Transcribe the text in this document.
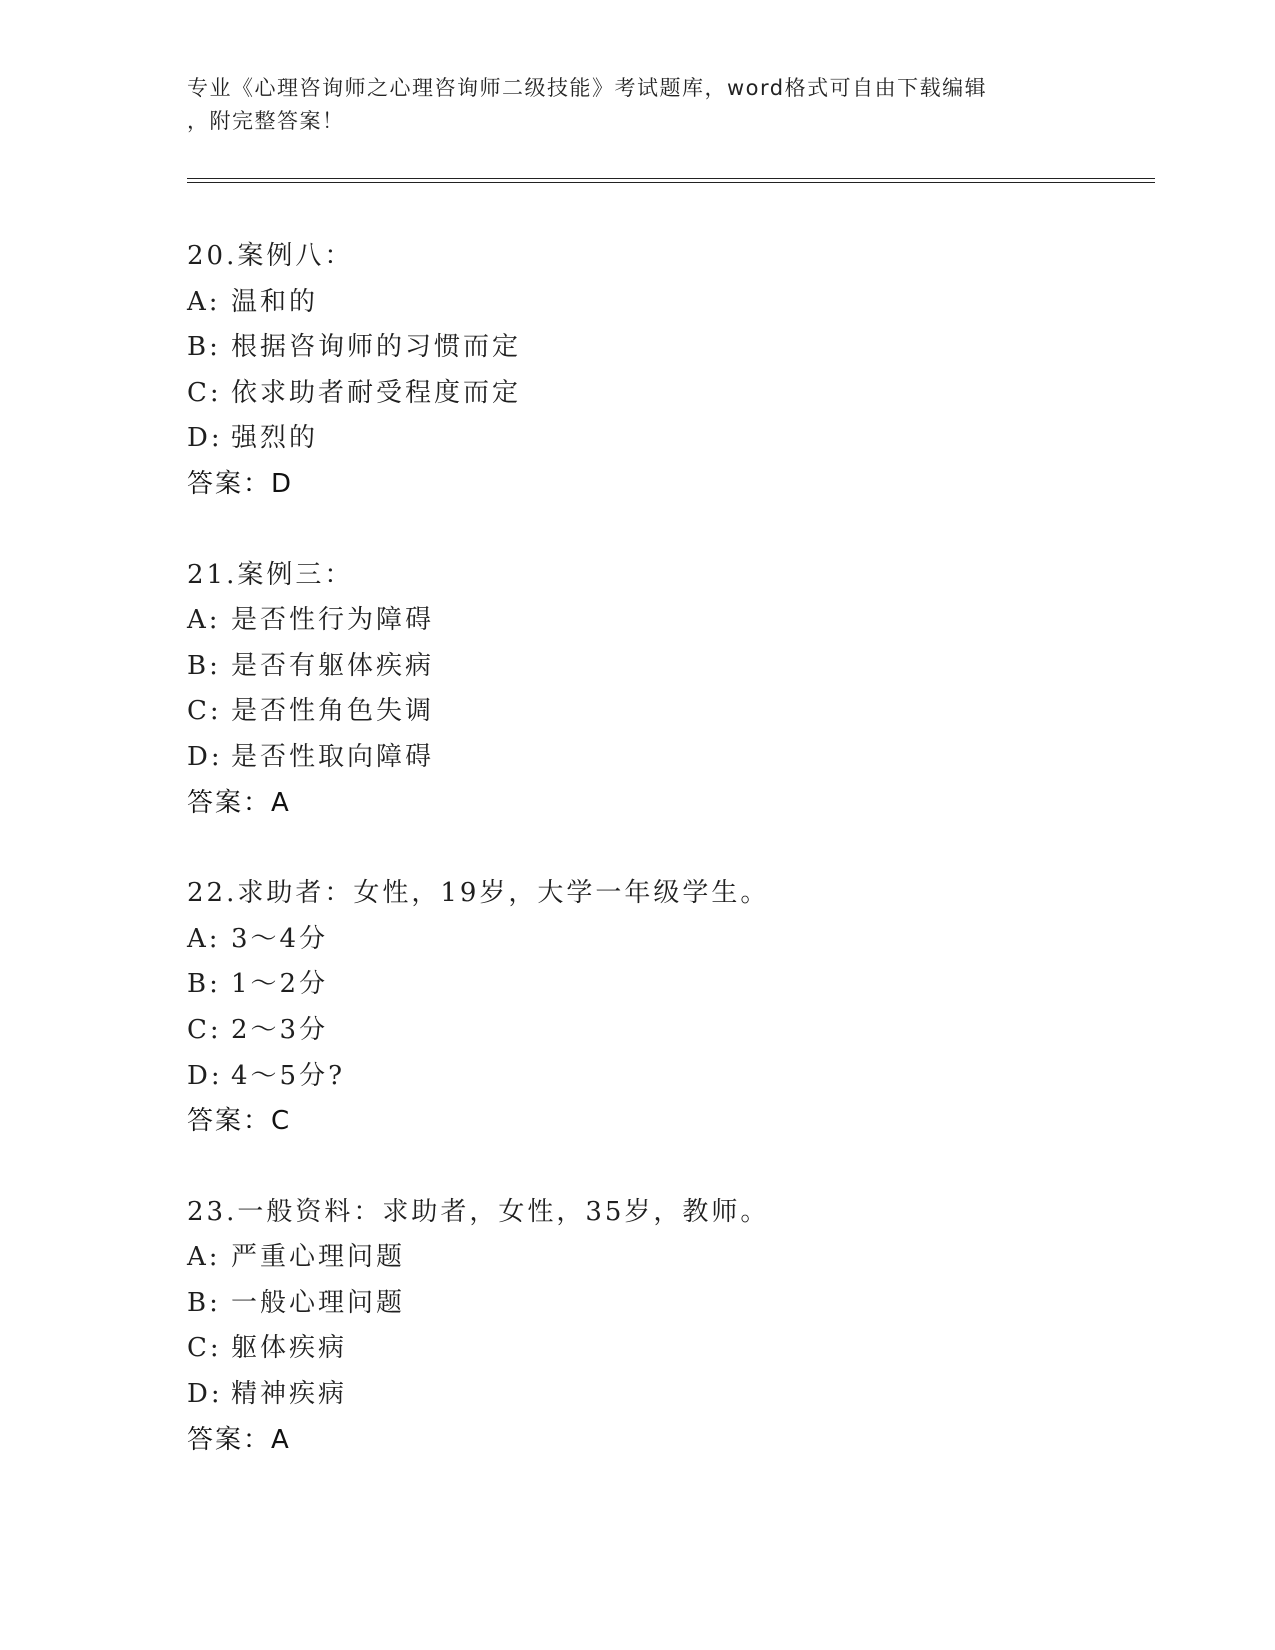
专业《心理咨询师之心理咨询师二级技能》考试题库，word格式可自由下载编辑
，附完整答案！
20.案例八：
A: 温和的
B: 根据咨询师的习惯而定
C: 依求助者耐受程度而定
D: 强烈的
答案：D
21.案例三：
A: 是否性行为障碍
B: 是否有躯体疾病
C: 是否性角色失调
D: 是否性取向障碍
答案：A
22.求助者：女性，19岁，大学一年级学生。
A: 3～4分
B: 1～2分
C: 2～3分
D: 4～5分?
答案：C
23.一般资料：求助者，女性，35岁，教师。
A: 严重心理问题
B: 一般心理问题
C: 躯体疾病
D: 精神疾病
答案：A
